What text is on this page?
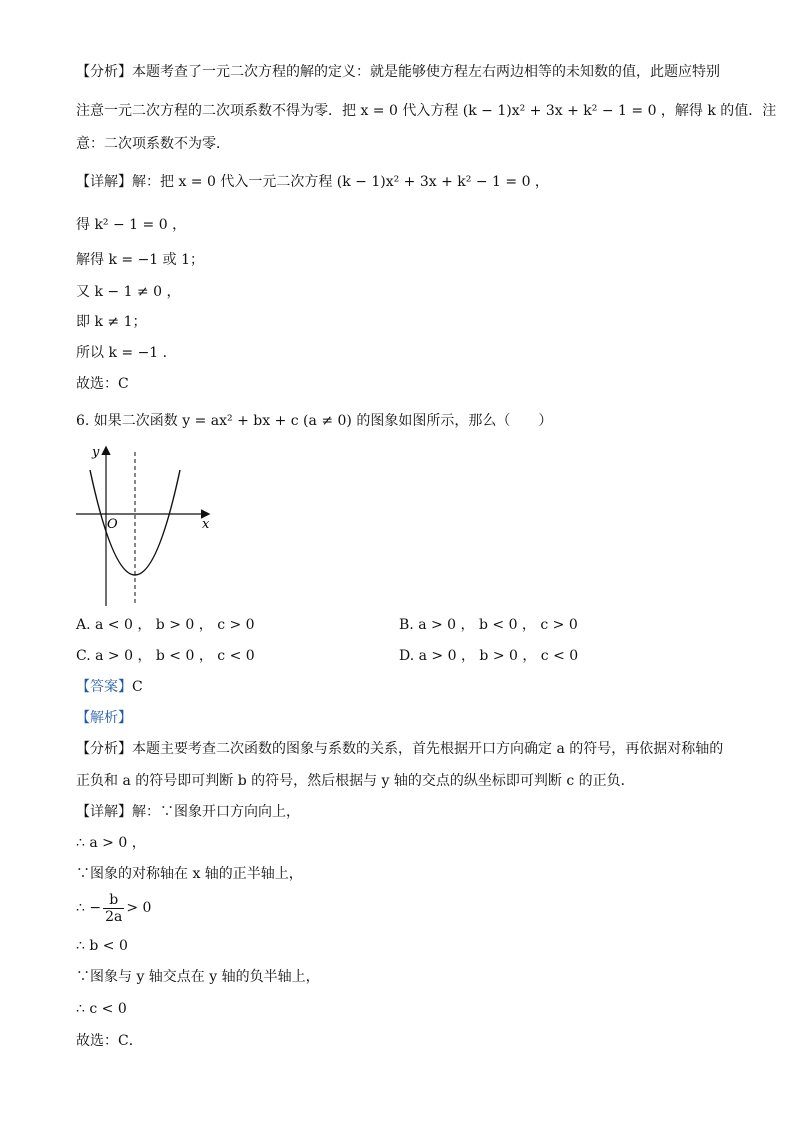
【分析】本题考查了一元二次方程的解的定义：就是能够使方程左右两边相等的未知数的值，此题应特别
注意一元二次方程的二次项系数不得为零．把 x = 0 代入方程 (k − 1)x² + 3x + k² − 1 = 0 ，解得 k 的值．注
意：二次项系数不为零．
【详解】解：把 x = 0 代入一元二次方程 (k − 1)x² + 3x + k² − 1 = 0 ，
得 k² − 1 = 0 ，
解得 k = −1 或 1；
又 k − 1 ≠ 0 ，
即 k ≠ 1；
所以 k = −1 ．
故选：C
6. 如果二次函数 y = ax² + bx + c (a ≠ 0) 的图象如图所示，那么（　　）
y
x
O
A. a < 0 ， b > 0 ， c > 0	B. a > 0 ， b < 0 ， c > 0
C. a > 0 ， b < 0 ， c < 0	D. a > 0 ， b > 0 ， c < 0
【答案】C
【解析】
【分析】本题主要考查二次函数的图象与系数的关系，首先根据开口方向确定 a 的符号，再依据对称轴的
正负和 a 的符号即可判断 b 的符号，然后根据与 y 轴的交点的纵坐标即可判断 c 的正负．
【详解】解：∵图象开口方向向上，
∴ a > 0 ，
∵图象的对称轴在 x 轴的正半轴上，
∴ − $\frac{b}{2a} > 0$
∴ b < 0
∵图象与 y 轴交点在 y 轴的负半轴上，
∴ c < 0
故选：C．
